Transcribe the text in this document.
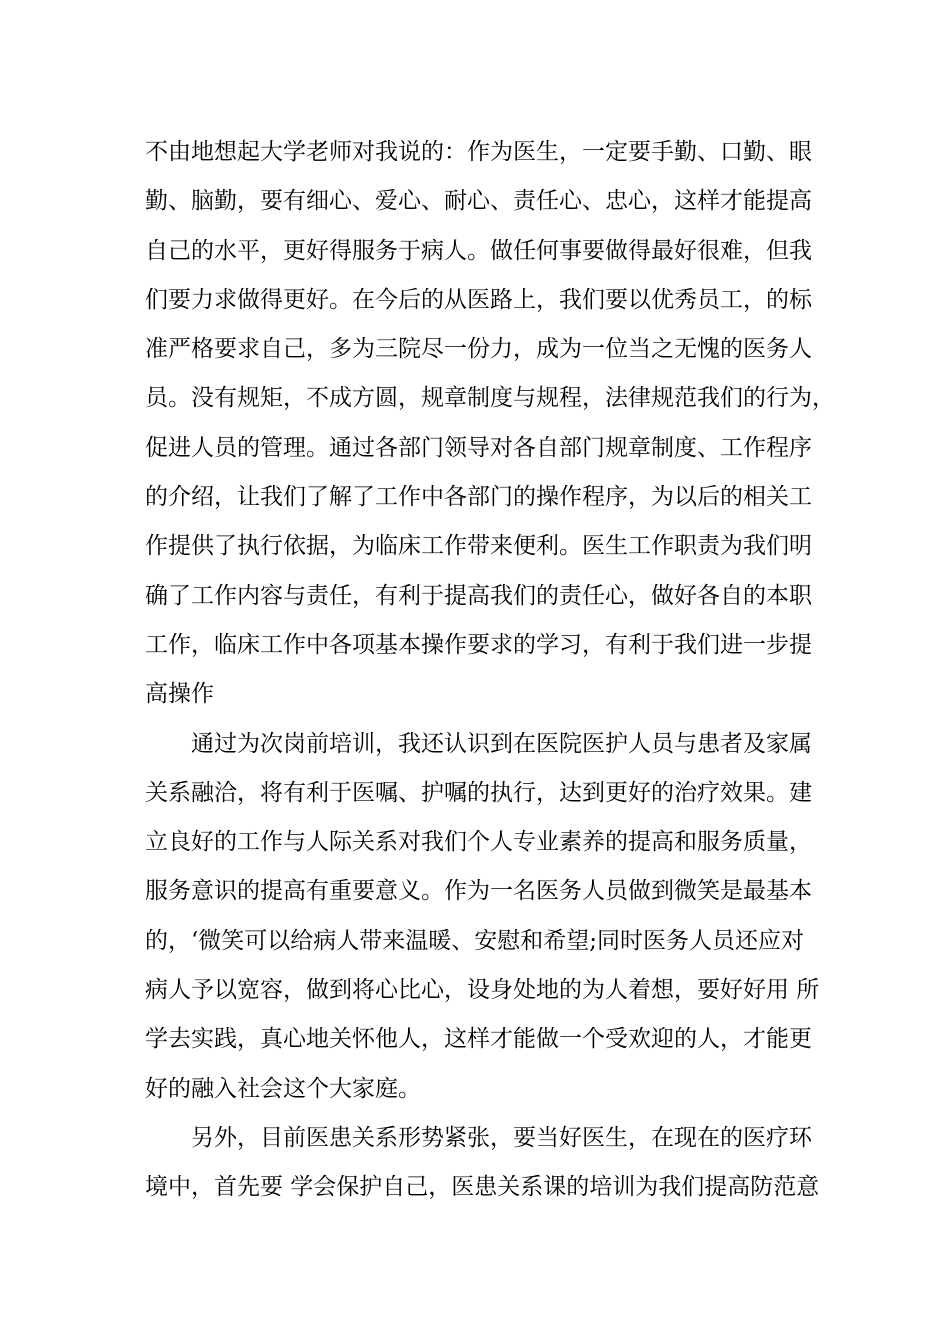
不由地想起大学老师对我说的：作为医生，一定要手勤、口勤、眼
勤、脑勤，要有细心、爱心、耐心、责任心、忠心，这样才能提高
自己的水平，更好得服务于病人。做任何事要做得最好很难，但我
们要力求做得更好。在今后的从医路上，我们要以优秀员工，的标
准严格要求自己，多为三院尽一份力，成为一位当之无愧的医务人
员。没有规矩，不成方圆，规章制度与规程，法律规范我们的行为，
促进人员的管理。通过各部门领导对各自部门规章制度、工作程序
的介绍，让我们了解了工作中各部门的操作程序，为以后的相关工
作提供了执行依据，为临床工作带来便利。医生工作职责为我们明
确了工作内容与责任，有利于提高我们的责任心，做好各自的本职
工作，临床工作中各项基本操作要求的学习，有利于我们进一步提
高操作
通过为次岗前培训，我还认识到在医院医护人员与患者及家属
关系融洽，将有利于医嘱、护嘱的执行，达到更好的治疗效果。建
立良好的工作与人际关系对我们个人专业素养的提高和服务质量，
服务意识的提高有重要意义。作为一名医务人员做到微笑是最基本
的，‘微笑可以给病人带来温暖、安慰和希望;同时医务人员还应对
病人予以宽容，做到将心比心，设身处地的为人着想，要好好用 所
学去实践，真心地关怀他人，这样才能做一个受欢迎的人，才能更
好的融入社会这个大家庭。
另外，目前医患关系形势紧张，要当好医生，在现在的医疗环
境中，首先要 学会保护自己，医患关系课的培训为我们提高防范意
